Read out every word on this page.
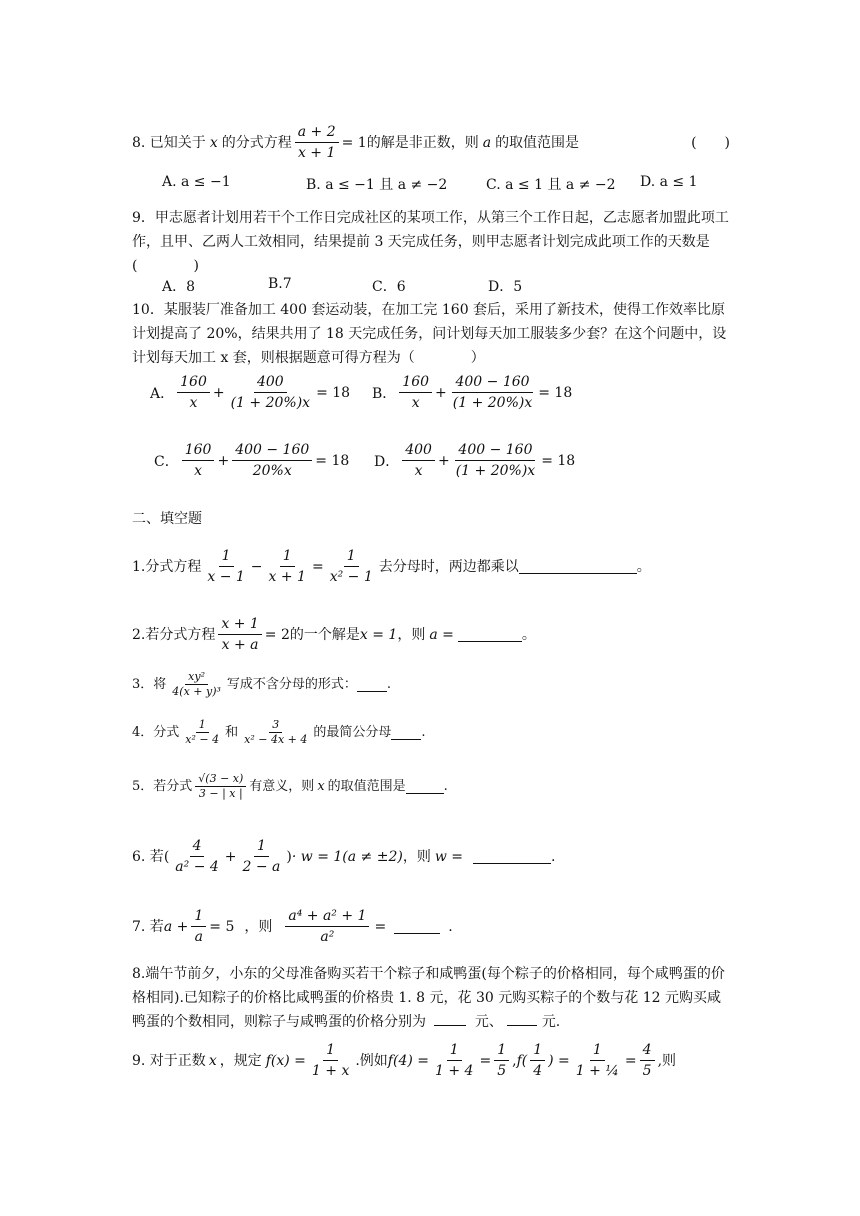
8. 已知关于 x 的分式方程 $\frac{a + 2}{x + 1} = 1$ 的解是非正数，则 a 的取值范围是	(　　)
A. a ≤ −1	B. a ≤ −1 且 a ≠ −2	C. a ≤ 1 且 a ≠ −2 D. a ≤ 1
9．甲志愿者计划用若干个工作日完成社区的某项工作，从第三个工作日起，乙志愿者加盟此项工作，且甲、乙两人工效相同，结果提前 3 天完成任务，则甲志愿者计划完成此项工作的天数是(　　　　)
A．8	B.7	C．6	D．5
10．某服装厂准备加工 400 套运动装，在加工完 160 套后，采用了新技术，使得工作效率比原计划提高了 20%，结果共用了 18 天完成任务，问计划每天加工服装多少套？在这个问题中，设计划每天加工 x 套，则根据题意可得方程为（　　　　）
A．
160
x
+ $\frac{400}{(1 + 20\%)x} = 18$ B．
160
x
+ $\frac{400 - 160}{(1 + 20\%)x} = 18$
C．
160
x
+ $\frac{400 - 160}{20\%x} = 18$ D．
400
x
+ $\frac{400 - 160}{(1 + 20\%)x} = 18$
二、填空题
1.分式方程 $\frac{1}{x - 1} - \frac{1}{x + 1} = \frac{1}{\text{x² − 1}}$ 去分母时，两边都乘以	。
2.若分式方程 $\frac{x + 1}{x + a} = 2$ 的一个解是 x = 1 ，则 a =	。
3．将 $\frac{\text{xy²}}{\text{4(x + y)³}}$ 写成不含分母的形式： .
4．分式 $\frac{1}{\text{x² − 4}}$ 和 $\frac{3}{\text{x² − 4x + 4}}$ 的最简公分母 .
5．若分式 $\frac{√(3 - x)}{3 - | x |}$ 有意义，则 x 的取值范围是	.
6. 若 ( $\frac{4}{\text{a² − 4}} + \frac{1}{2 - a}$ ) · w = 1(a ≠ ±2) ，则 w =	.
7. 若 $a + \frac{1}{a} = 5$ ，则 $\frac{\text{a⁴ + a² + 1}}{\text{a²}}$ =	.
8.端午节前夕，小东的父母准备购买若干个粽子和咸鸭蛋(每个粽子的价格相同，每个咸鸭蛋的价格相同).已知粽子的价格比咸鸭蛋的价格贵 1. 8 元，花 30 元购买粽子的个数与花 12 元购买咸鸭蛋的个数相同，则粽子与咸鸭蛋的价格分别为	元、	元.
9. 对于正数 x ，规定 $f(x) = \frac{1}{1 + x}$ .例如 $f(4) = \frac{1}{1 + 4} = \frac{1}{5}$ , f(
1
4
) = $\frac{1}{\text{1 + ¼}} = \frac{4}{5}$ ,则
